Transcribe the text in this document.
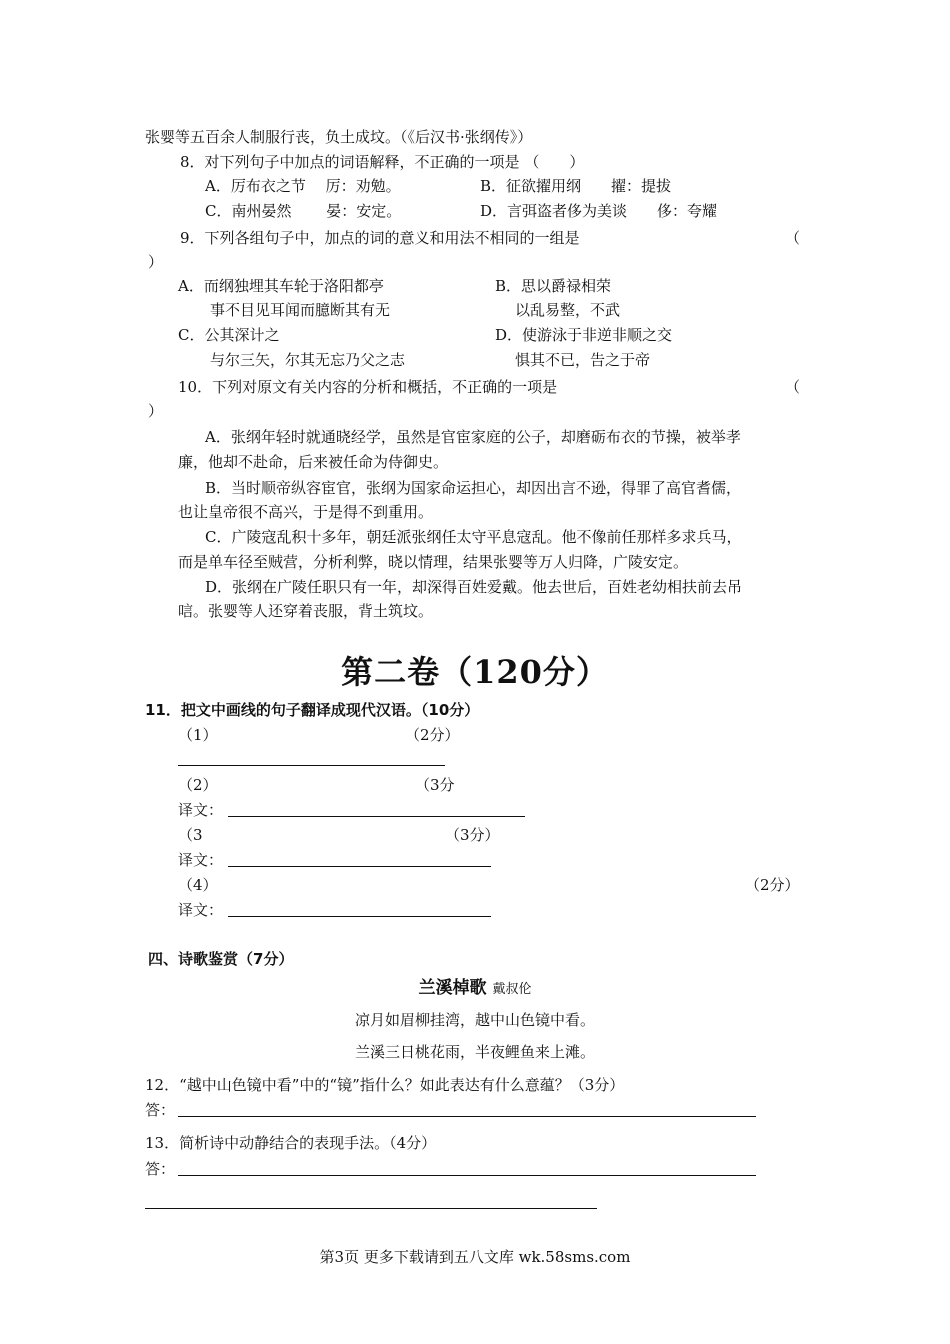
张婴等五百余人制服行丧，负土成坟。（《后汉书·张纲传》）
8．对下列句子中加点的词语解释，不正确的一项是 （　　）
A．厉布衣之节　 厉：劝勉。	B．征欲擢用纲　　擢：提拔
C．南州晏然　　 晏：安定。	D．言弭盗者侈为美谈　　侈：夸耀
9．下列各组句子中，加点的词的意义和用法不相同的一组是	（
）
A．而纲独埋其车轮于洛阳都亭
事不目见耳闻而臆断其有无
B．思以爵禄相荣
以乱易整，不武
C．公其深计之
与尔三矢，尔其无忘乃父之志
D．使游泳于非逆非顺之交
惧其不已，告之于帝
10．下列对原文有关内容的分析和概括，不正确的一项是	（
）
A．张纲年轻时就通晓经学，虽然是官宦家庭的公子，却磨砺布衣的节操，被举孝
廉，他却不赴命，后来被任命为侍御史。
B．当时顺帝纵容宦官，张纲为国家命运担心，却因出言不逊，得罪了高官耆儒，
也让皇帝很不高兴，于是得不到重用。
C．广陵寇乱积十多年，朝廷派张纲任太守平息寇乱。他不像前任那样多求兵马，
而是单车径至贼营，分析利弊，晓以情理，结果张婴等万人归降，广陵安定。
D．张纲在广陵任职只有一年，却深得百姓爱戴。他去世后，百姓老幼相扶前去吊
唁。张婴等人还穿着丧服，背土筑坟。
第二卷（120分）
11．把文中画线的句子翻译成现代汉语。（10分）
（1）	（2分）
（2）	（3分
译文：
（3	（3分）
译文：
（4）	（2分）
译文：
四、诗歌鉴赏（7分）
兰溪棹歌 戴叔伦
凉月如眉柳挂湾，越中山色镜中看。
兰溪三日桃花雨，半夜鲤鱼来上滩。
12．“越中山色镜中看”中的“镜”指什么？如此表达有什么意蕴？（3分）
答：
13．简析诗中动静结合的表现手法。（4分）
答：
第3页 更多下载请到五八文库 wk.58sms.com
